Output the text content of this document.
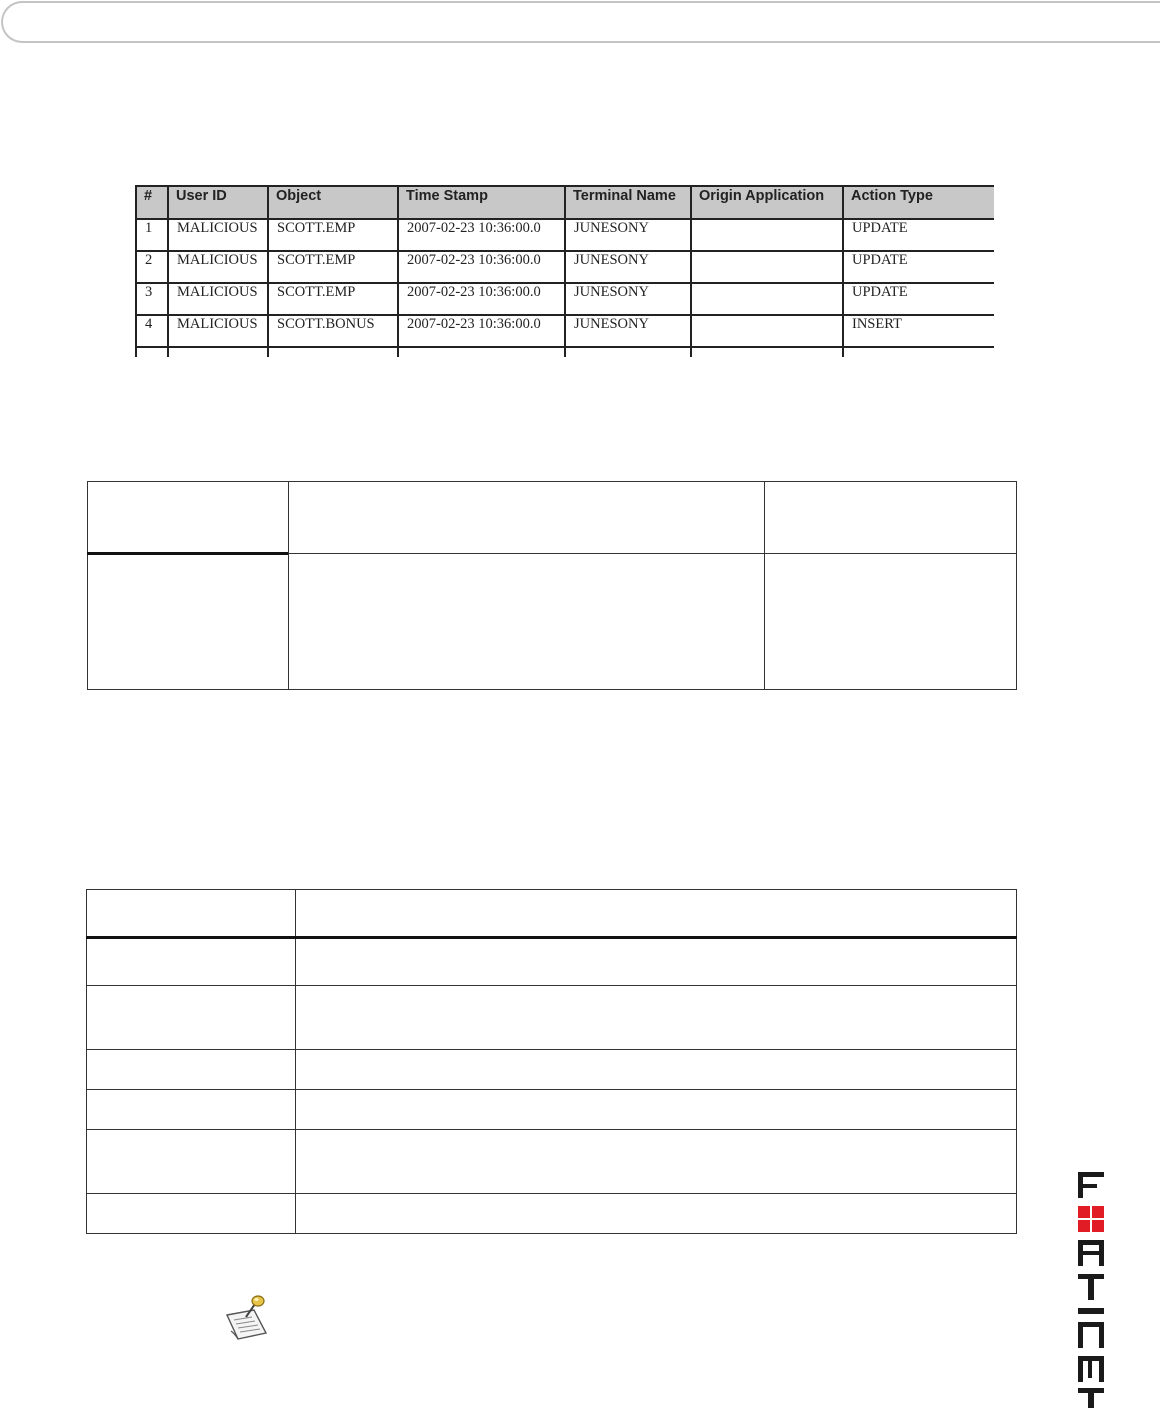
#	User ID	Object	Time Stamp	Terminal Name	Origin Application	Action Type
1	MALICIOUS	SCOTT.EMP	2007-02-23 10:36:00.0	JUNESONY		UPDATE
2	MALICIOUS	SCOTT.EMP	2007-02-23 10:36:00.0	JUNESONY		UPDATE
3	MALICIOUS	SCOTT.EMP	2007-02-23 10:36:00.0	JUNESONY		UPDATE
4	MALICIOUS	SCOTT.BONUS	2007-02-23 10:36:00.0	JUNESONY		INSERT
